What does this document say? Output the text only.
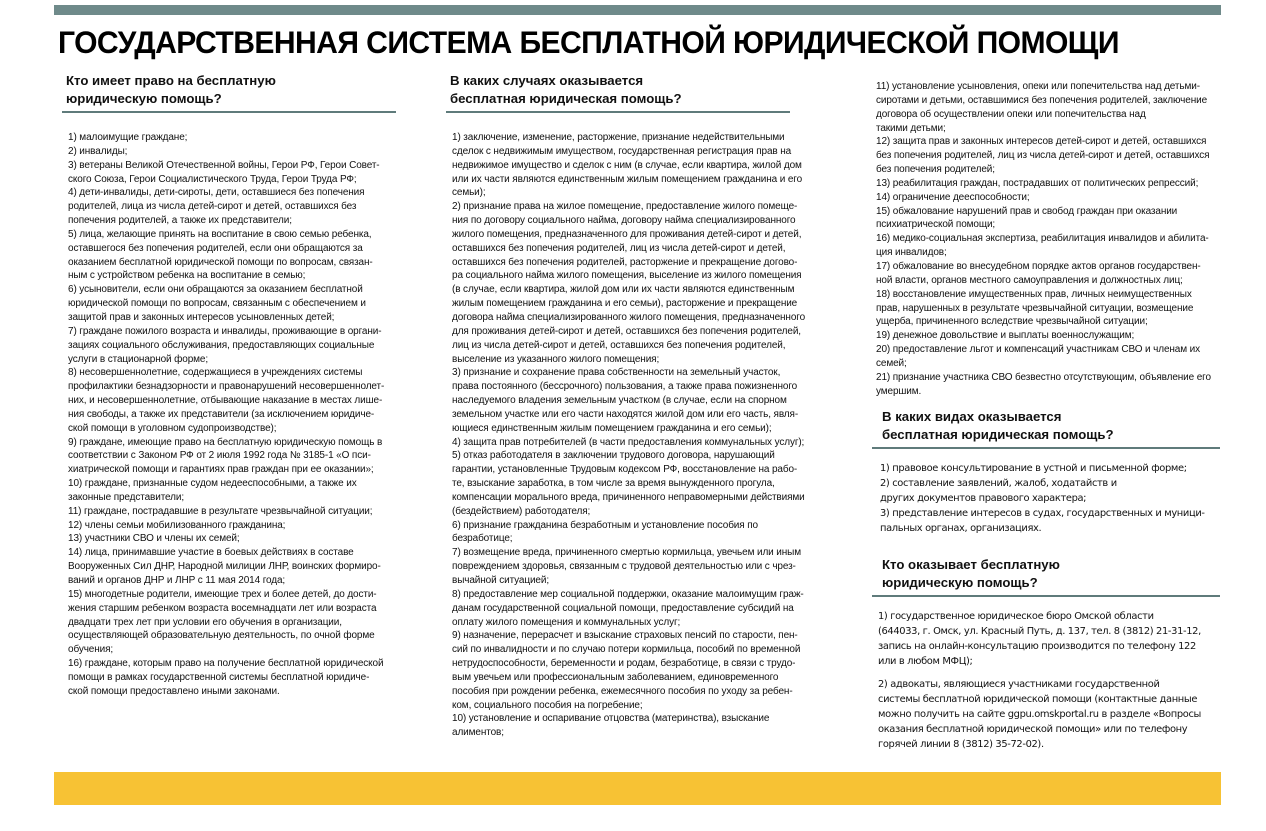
ГОСУДАРСТВЕННАЯ СИСТЕМА БЕСПЛАТНОЙ ЮРИДИЧЕСКОЙ ПОМОЩИ
Кто имеет право на бесплатную
юридическую помощь?
1) малоимущие граждане;
2) инвалиды;
3) ветераны Великой Отечественной войны, Герои РФ, Герои Совет-
ского Союза, Герои Социалистического Труда, Герои Труда РФ;
4) дети-инвалиды, дети-сироты, дети, оставшиеся без попечения
родителей, лица из числа детей-сирот и детей, оставшихся без
попечения родителей, а также их представители;
5) лица, желающие принять на воспитание в свою семью ребенка,
оставшегося без попечения родителей, если они обращаются за
оказанием бесплатной юридической помощи по вопросам, связан-
ным с устройством ребенка на воспитание в семью;
6) усыновители, если они обращаются за оказанием бесплатной
юридической помощи по вопросам, связанным с обеспечением и
защитой прав и законных интересов усыновленных детей;
7) граждане пожилого возраста и инвалиды, проживающие в органи-
зациях социального обслуживания, предоставляющих социальные
услуги в стационарной форме;
8) несовершеннолетние, содержащиеся в учреждениях системы
профилактики безнадзорности и правонарушений несовершеннолет-
них, и несовершеннолетние, отбывающие наказание в местах лише-
ния свободы, а также их представители (за исключением юридиче-
ской помощи в уголовном судопроизводстве);
9) граждане, имеющие право на бесплатную юридическую помощь в
соответствии с Законом РФ от 2 июля 1992 года № 3185-1 «О пси-
хиатрической помощи и гарантиях прав граждан при ее оказании»;
10) граждане, признанные судом недееспособными, а также их
законные представители;
11) граждане, пострадавшие в результате чрезвычайной ситуации;
12) члены семьи мобилизованного гражданина;
13) участники СВО и члены их семей;
14) лица, принимавшие участие в боевых действиях в составе
Вооруженных Сил ДНР, Народной милиции ЛНР, воинских формиро-
ваний и органов ДНР и ЛНР с 11 мая 2014 года;
15) многодетные родители, имеющие трех и более детей, до дости-
жения старшим ребенком возраста восемнадцати лет или возраста
двадцати трех лет при условии его обучения в организации,
осуществляющей образовательную деятельность, по очной форме
обучения;
16) граждане, которым право на получение бесплатной юридической
помощи в рамках государственной системы бесплатной юридиче-
ской помощи предоставлено иными законами.
В каких случаях оказывается
бесплатная юридическая помощь?
1) заключение, изменение, расторжение, признание недействительными
сделок с недвижимым имуществом, государственная регистрация прав на
недвижимое имущество и сделок с ним (в случае, если квартира, жилой дом
или их части являются единственным жилым помещением гражданина и его
семьи);
2) признание права на жилое помещение, предоставление жилого помеще-
ния по договору социального найма, договору найма специализированного
жилого помещения, предназначенного для проживания детей-сирот и детей,
оставшихся без попечения родителей, лиц из числа детей-сирот и детей,
оставшихся без попечения родителей, расторжение и прекращение догово-
ра социального найма жилого помещения, выселение из жилого помещения
(в случае, если квартира, жилой дом или их части являются единственным
жилым помещением гражданина и его семьи), расторжение и прекращение
договора найма специализированного жилого помещения, предназначенного
для проживания детей-сирот и детей, оставшихся без попечения родителей,
лиц из числа детей-сирот и детей, оставшихся без попечения родителей,
выселение из указанного жилого помещения;
3) признание и сохранение права собственности на земельный участок,
права постоянного (бессрочного) пользования, а также права пожизненного
наследуемого владения земельным участком (в случае, если на спорном
земельном участке или его части находятся жилой дом или его часть, явля-
ющиеся единственным жилым помещением гражданина и его семьи);
4) защита прав потребителей (в части предоставления коммунальных услуг);
5) отказ работодателя в заключении трудового договора, нарушающий
гарантии, установленные Трудовым кодексом РФ, восстановление на рабо-
те, взыскание заработка, в том числе за время вынужденного прогула,
компенсации морального вреда, причиненного неправомерными действиями
(бездействием) работодателя;
6) признание гражданина безработным и установление пособия по
безработице;
7) возмещение вреда, причиненного смертью кормильца, увечьем или иным
повреждением здоровья, связанным с трудовой деятельностью или с чрез-
вычайной ситуацией;
8) предоставление мер социальной поддержки, оказание малоимущим граж-
данам государственной социальной помощи, предоставление субсидий на
оплату жилого помещения и коммунальных услуг;
9) назначение, перерасчет и взыскание страховых пенсий по старости, пен-
сий по инвалидности и по случаю потери кормильца, пособий по временной
нетрудоспособности, беременности и родам, безработице, в связи с трудо-
вым увечьем или профессиональным заболеванием, единовременного
пособия при рождении ребенка, ежемесячного пособия по уходу за ребен-
ком, социального пособия на погребение;
10) установление и оспаривание отцовства (материнства), взыскание
алиментов;
11) установление усыновления, опеки или попечительства над детьми-
сиротами и детьми, оставшимися без попечения родителей, заключение
договора об осуществлении опеки или попечительства над
такими детьми;
12) защита прав и законных интересов детей-сирот и детей, оставшихся
без попечения родителей, лиц из числа детей-сирот и детей, оставшихся
без попечения родителей;
13) реабилитация граждан, пострадавших от политических репрессий;
14) ограничение дееспособности;
15) обжалование нарушений прав и свобод граждан при оказании
психиатрической помощи;
16) медико-социальная экспертиза, реабилитация инвалидов и абилита-
ция инвалидов;
17) обжалование во внесудебном порядке актов органов государствен-
ной власти, органов местного самоуправления и должностных лиц;
18) восстановление имущественных прав, личных неимущественных
прав, нарушенных в результате чрезвычайной ситуации, возмещение
ущерба, причиненного вследствие чрезвычайной ситуации;
19) денежное довольствие и выплаты военнослужащим;
20) предоставление льгот и компенсаций участникам СВО и членам их
семей;
21) признание участника СВО безвестно отсутствующим, объявление его
умершим.
В каких видах оказывается
бесплатная юридическая помощь?
1) правовое консультирование в устной и письменной форме;
2) составление заявлений, жалоб, ходатайств и
других документов правового характера;
3) представление интересов в судах, государственных и муници-
пальных органах, организациях.
Кто оказывает бесплатную
юридическую помощь?
1) государственное юридическое бюро Омской области
(644033, г. Омск, ул. Красный Путь, д. 137, тел. 8 (3812) 21-31-12,
запись на онлайн-консультацию производится по телефону 122
или в любом МФЦ);
2) адвокаты, являющиеся участниками государственной
системы бесплатной юридической помощи (контактные данные
можно получить на сайте ggpu.omskportal.ru в разделе «Вопросы
оказания бесплатной юридической помощи» или по телефону
горячей линии 8 (3812) 35-72-02).
